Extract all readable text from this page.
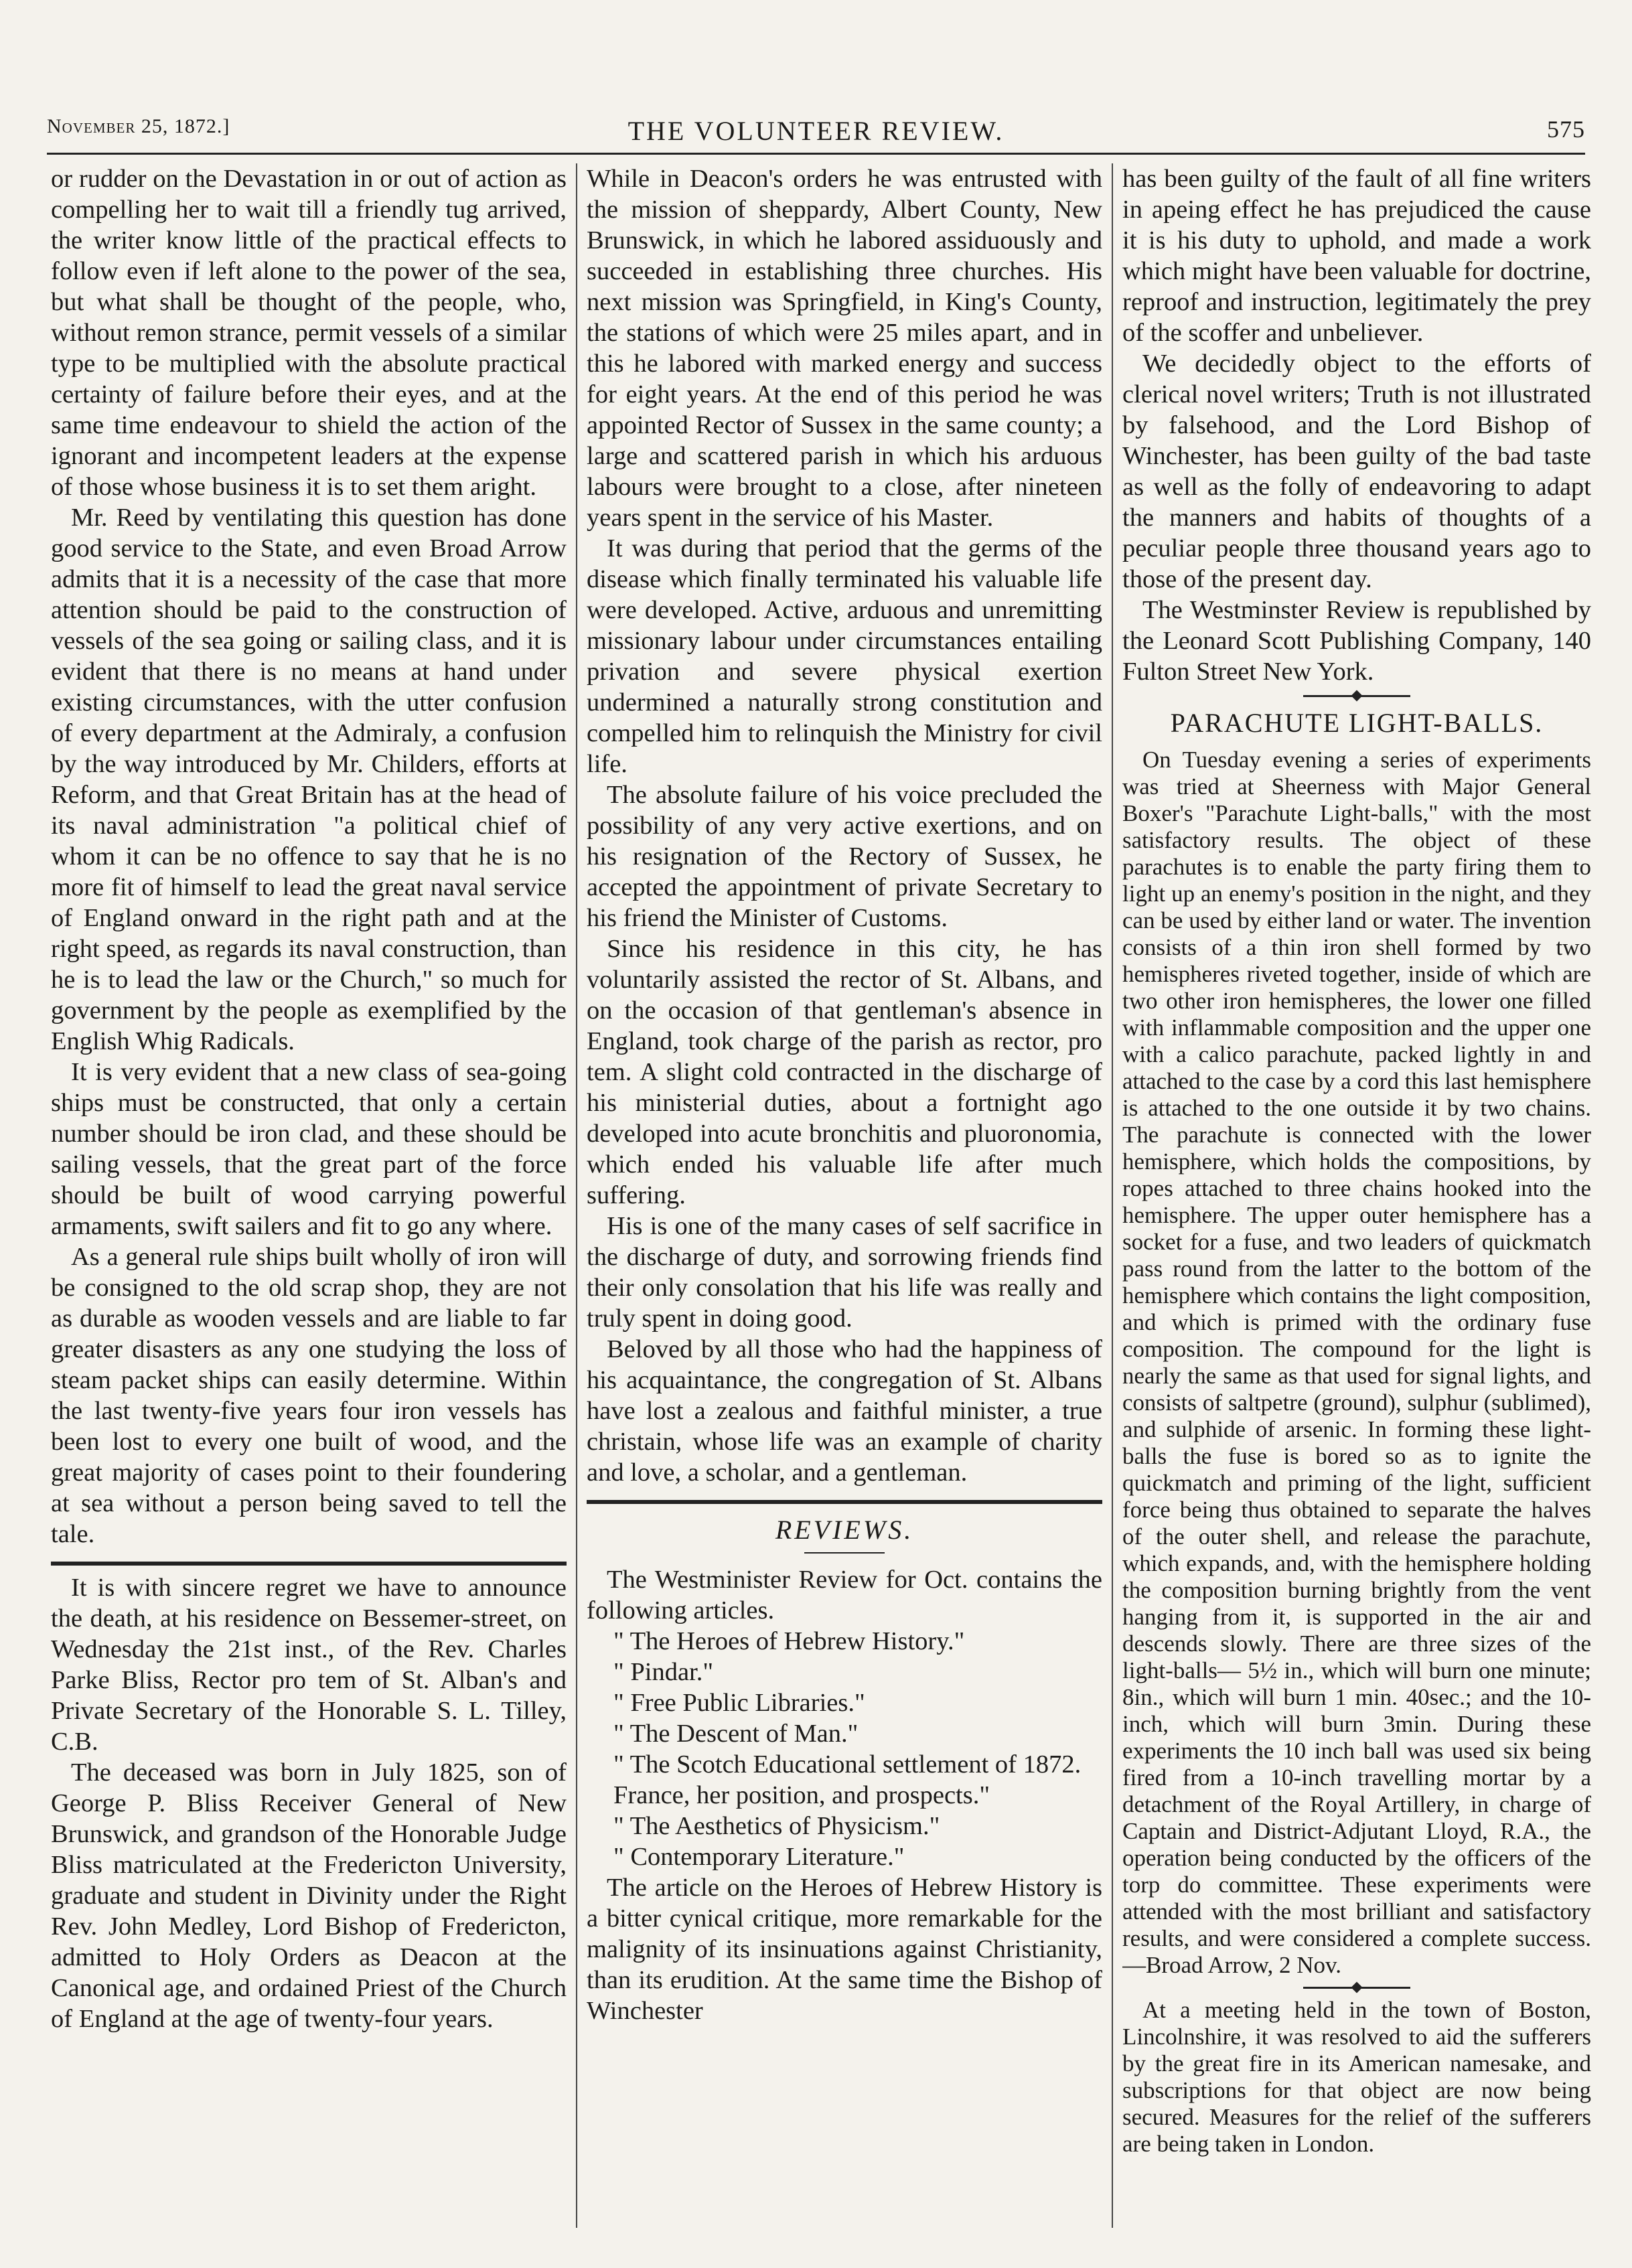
November 25, 1872.]	THE VOLUNTEER REVIEW.	575

or rudder on the Devastation in or out of action as compelling her to wait till a friendly tug arrived, the writer know little of the practical effects to follow even if left alone to the power of the sea, but what shall be thought of the people, who, without remon strance, permit vessels of a similar type to be multiplied with the absolute practical certainty of failure before their eyes, and at the same time endeavour to shield the action of the ignorant and incompetent leaders at the expense of those whose business it is to set them aright.

Mr. Reed by ventilating this question has done good service to the State, and even Broad Arrow admits that it is a necessity of the case that more attention should be paid to the construction of vessels of the sea going or sailing class, and it is evident that there is no means at hand under existing circumstances, with the utter confusion of every department at the Admiraly, a confusion by the way introduced by Mr. Childers, efforts at Reform, and that Great Britain has at the head of its naval administration "a political chief of whom it can be no offence to say that he is no more fit of himself to lead the great naval service of England onward in the right path and at the right speed, as regards its naval construction, than he is to lead the law or the Church," so much for government by the people as exemplified by the English Whig Radicals.

It is very evident that a new class of sea-going ships must be constructed, that only a certain number should be iron clad, and these should be sailing vessels, that the great part of the force should be built of wood carrying powerful armaments, swift sailers and fit to go any where.

As a general rule ships built wholly of iron will be consigned to the old scrap shop, they are not as durable as wooden vessels and are liable to far greater disasters as any one studying the loss of steam packet ships can easily determine. Within the last twenty-five years four iron vessels has been lost to every one built of wood, and the great majority of cases point to their foundering at sea without a person being saved to tell the tale.

It is with sincere regret we have to announce the death, at his residence on Bessemer-street, on Wednesday the 21st inst., of the Rev. Charles Parke Bliss, Rector pro tem of St. Alban's and Private Secretary of the Honorable S. L. Tilley, C.B.

The deceased was born in July 1825, son of George P. Bliss Receiver General of New Brunswick, and grandson of the Honorable Judge Bliss matriculated at the Fredericton University, graduate and student in Divinity under the Right Rev. John Medley, Lord Bishop of Fredericton, admitted to Holy Orders as Deacon at the Canonical age, and ordained Priest of the Church of England at the age of twenty-four years.

While in Deacon's orders he was entrusted with the mission of sheppardy, Albert County, New Brunswick, in which he labored assiduously and succeeded in establishing three churches. His next mission was Springfield, in King's County, the stations of which were 25 miles apart, and in this he labored with marked energy and success for eight years. At the end of this period he was appointed Rector of Sussex in the same county; a large and scattered parish in which his arduous labours were brought to a close, after nineteen years spent in the service of his Master.

It was during that period that the germs of the disease which finally terminated his valuable life were developed. Active, arduous and unremitting missionary labour under circumstances entailing privation and severe physical exertion undermined a naturally strong constitution and compelled him to relinquish the Ministry for civil life.

The absolute failure of his voice precluded the possibility of any very active exertions, and on his resignation of the Rectory of Sussex, he accepted the appointment of private Secretary to his friend the Minister of Customs.

Since his residence in this city, he has voluntarily assisted the rector of St. Albans, and on the occasion of that gentleman's absence in England, took charge of the parish as rector, pro tem. A slight cold contracted in the discharge of his ministerial duties, about a fortnight ago developed into acute bronchitis and pluoronomia, which ended his valuable life after much suffering.

His is one of the many cases of self sacrifice in the discharge of duty, and sorrowing friends find their only consolation that his life was really and truly spent in doing good.

Beloved by all those who had the happiness of his acquaintance, the congregation of St. Albans have lost a zealous and faithful minister, a true christain, whose life was an example of charity and love, a scholar, and a gentleman.

REVIEWS.

The Westminister Review for Oct. contains the following articles.

" The Heroes of Hebrew History."

" Pindar."

" Free Public Libraries."

" The Descent of Man."

" The Scotch Educational settlement of 1872.

France, her position, and prospects."

" The Aesthetics of Physicism."

" Contemporary Literature."

The article on the Heroes of Hebrew History is a bitter cynical critique, more remarkable for the malignity of its insinuations against Christianity, than its erudition. At the same time the Bishop of Winchester

has been guilty of the fault of all fine writers in apeing effect he has prejudiced the cause it is his duty to uphold, and made a work which might have been valuable for doctrine, reproof and instruction, legitimately the prey of the scoffer and unbeliever.

We decidedly object to the efforts of clerical novel writers; Truth is not illustrated by falsehood, and the Lord Bishop of Winchester, has been guilty of the bad taste as well as the folly of endeavoring to adapt the manners and habits of thoughts of a peculiar people three thousand years ago to those of the present day.

The Westminster Review is republished by the Leonard Scott Publishing Company, 140 Fulton Street New York.

PARACHUTE LIGHT-BALLS.

On Tuesday evening a series of experiments was tried at Sheerness with Major General Boxer's "Parachute Light-balls," with the most satisfactory results. The object of these parachutes is to enable the party firing them to light up an enemy's position in the night, and they can be used by either land or water. The invention consists of a thin iron shell formed by two hemispheres riveted together, inside of which are two other iron hemispheres, the lower one filled with inflammable composition and the upper one with a calico parachute, packed lightly in and attached to the case by a cord this last hemisphere is attached to the one outside it by two chains. The parachute is connected with the lower hemisphere, which holds the compositions, by ropes attached to three chains hooked into the hemisphere. The upper outer hemisphere has a socket for a fuse, and two leaders of quickmatch pass round from the latter to the bottom of the hemisphere which contains the light composition, and which is primed with the ordinary fuse composition. The compound for the light is nearly the same as that used for signal lights, and consists of saltpetre (ground), sulphur (sublimed), and sulphide of arsenic. In forming these light-balls the fuse is bored so as to ignite the quickmatch and priming of the light, sufficient force being thus obtained to separate the halves of the outer shell, and release the parachute, which expands, and, with the hemisphere holding the composition burning brightly from the vent hanging from it, is supported in the air and descends slowly. There are three sizes of the light-balls— 5½ in., which will burn one minute; 8in., which will burn 1 min. 40sec.; and the 10-inch, which will burn 3min. During these experiments the 10 inch ball was used six being fired from a 10-inch travelling mortar by a detachment of the Royal Artillery, in charge of Captain and District-Adjutant Lloyd, R.A., the operation being conducted by the officers of the torp do committee. These experiments were attended with the most brilliant and satisfactory results, and were considered a complete success.—Broad Arrow, 2 Nov.

At a meeting held in the town of Boston, Lincolnshire, it was resolved to aid the sufferers by the great fire in its American namesake, and subscriptions for that object are now being secured. Measures for the relief of the sufferers are being taken in London.
